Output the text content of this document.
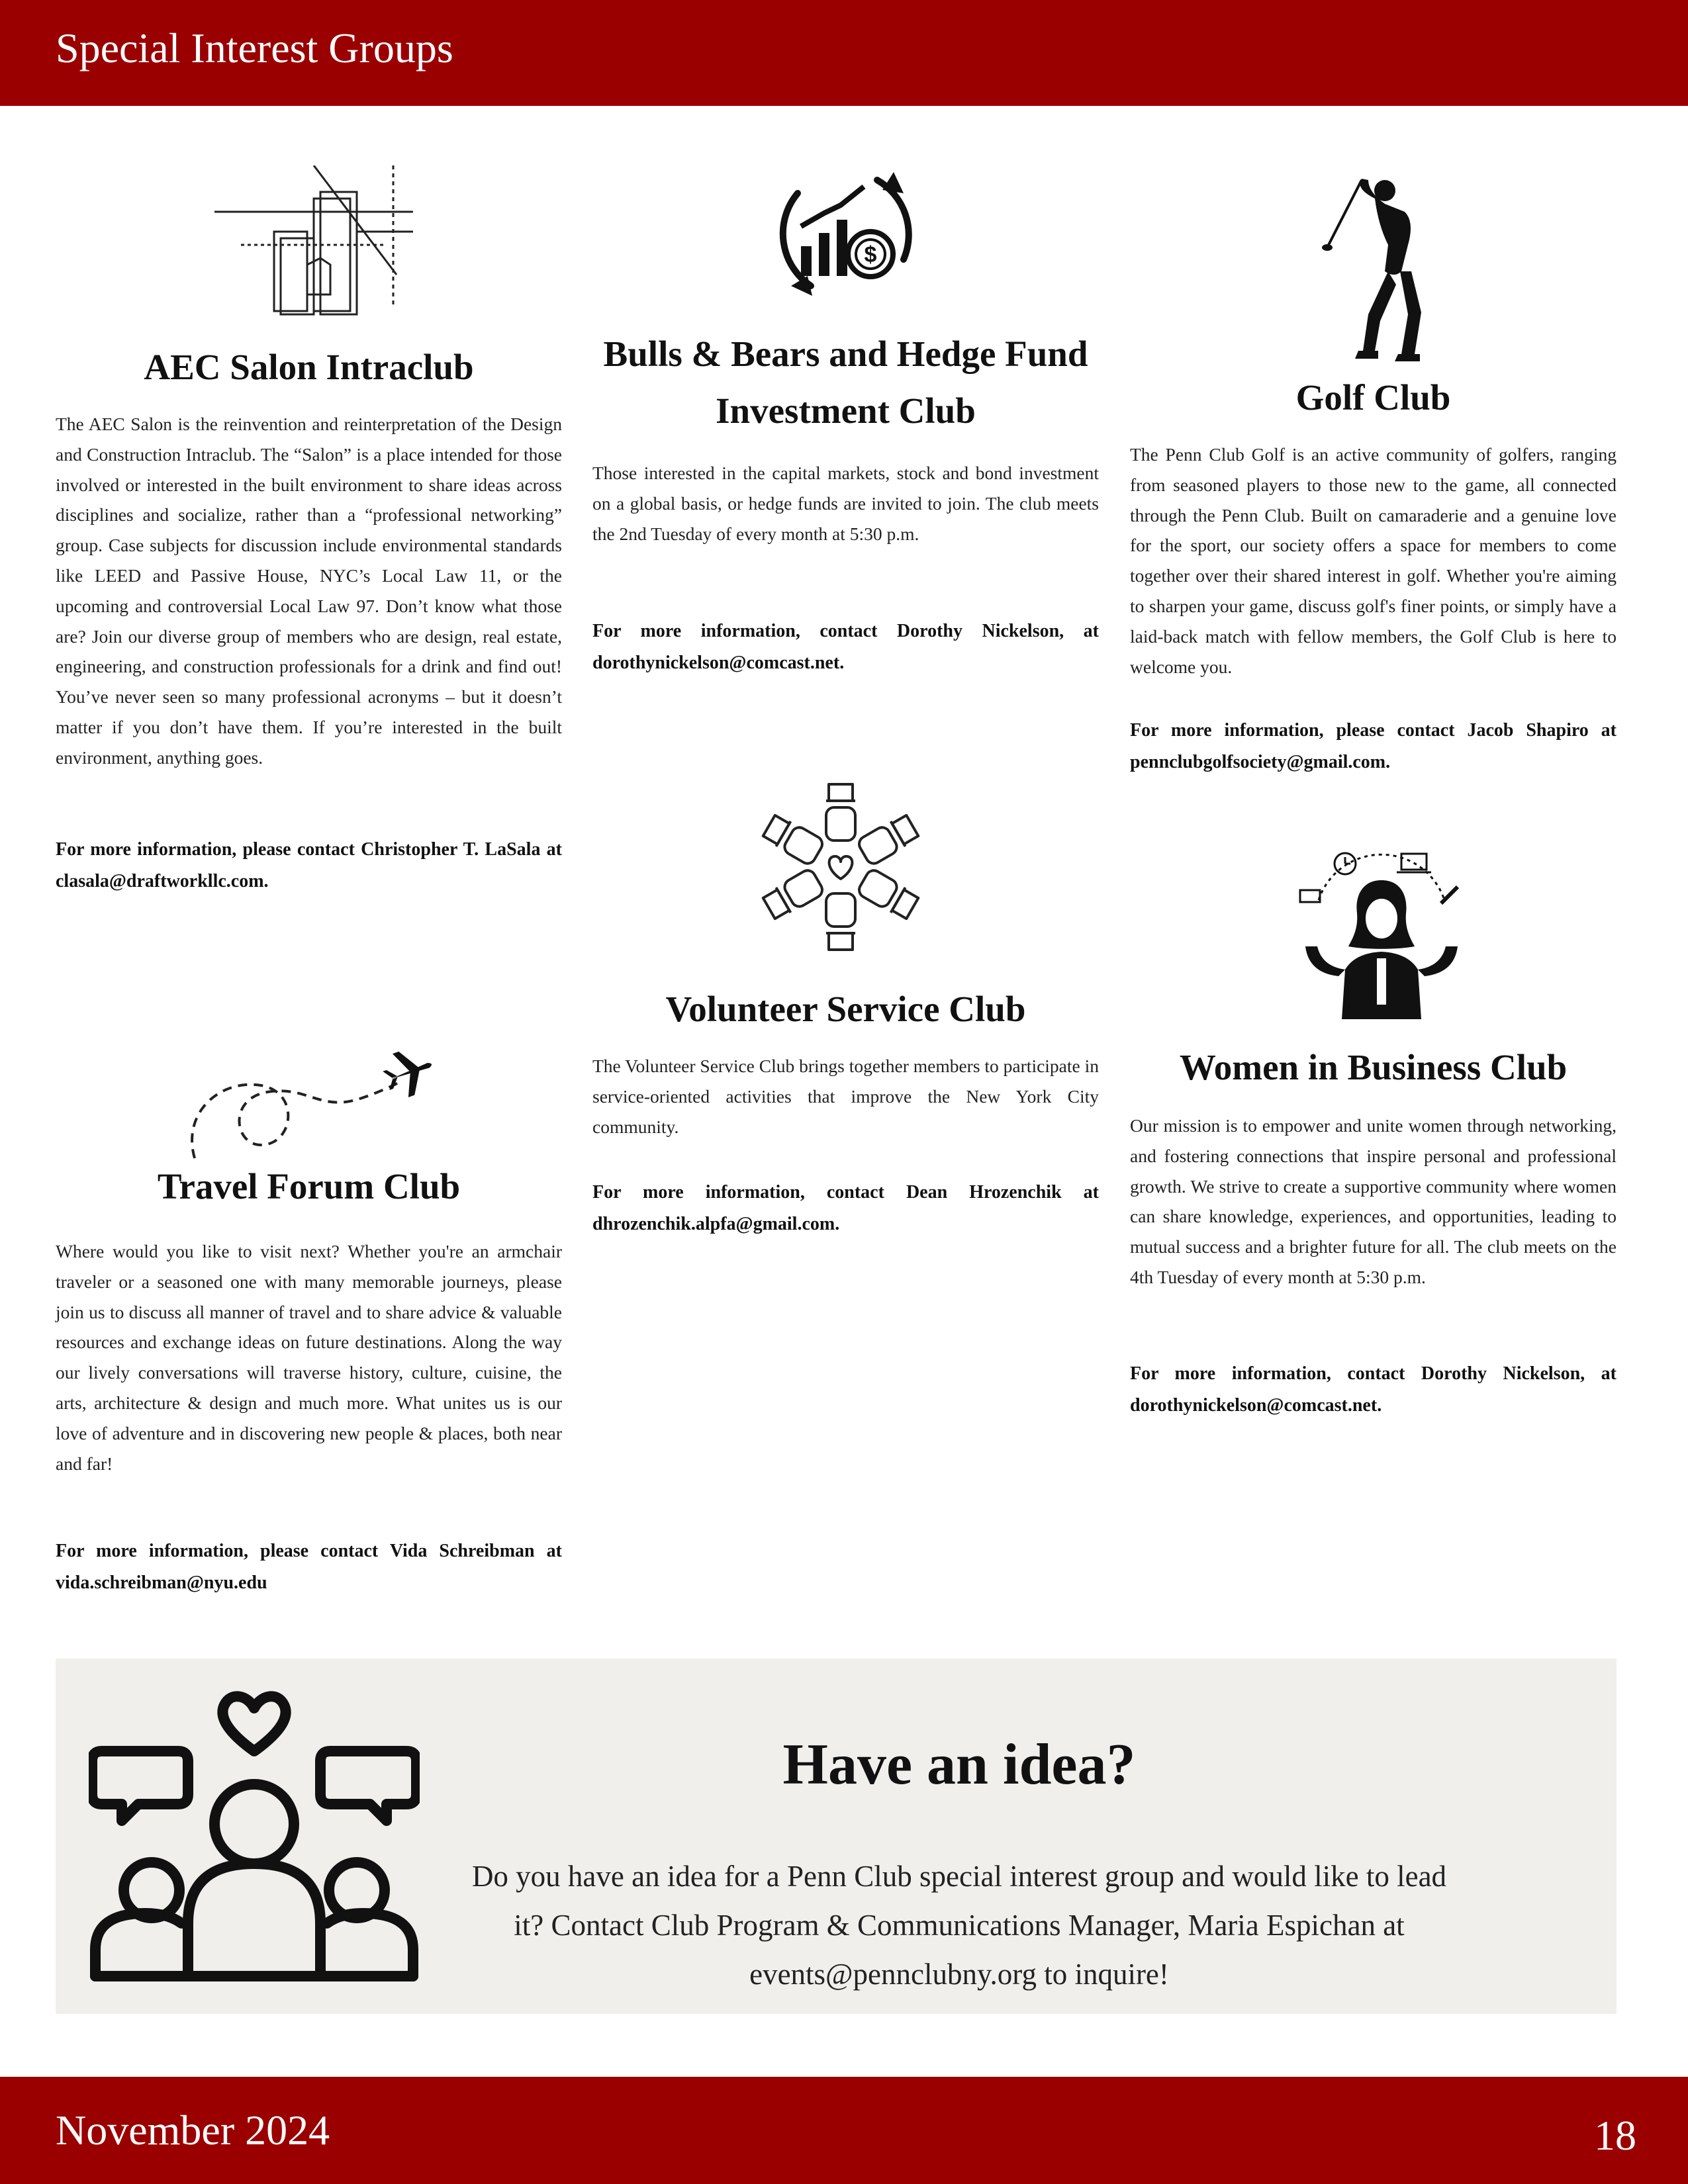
Special Interest Groups
AEC Salon Intraclub

The AEC Salon is the reinvention and reinterpretation of the Design and Construction Intraclub. The “Salon” is a place intended for those involved or interested in the built environment to share ideas across disciplines and socialize, rather than a “professional networking” group. Case subjects for discussion include environmental standards like LEED and Passive House, NYC’s Local Law 11, or the upcoming and controversial Local Law 97. Don’t know what those are? Join our diverse group of members who are design, real estate, engineering, and construction professionals for a drink and find out! You’ve never seen so many professional acronyms – but it doesn’t matter if you don’t have them. If you’re interested in the built environment, anything goes.

For more information, please contact Christopher T. LaSala at clasala@draftworkllc.com.

$
Bulls & Bears and Hedge Fund Investment Club

Those interested in the capital markets, stock and bond investment on a global basis, or hedge funds are invited to join. The club meets the 2nd Tuesday of every month at 5:30 p.m.

For more information, contact Dorothy Nickelson, at dorothynickelson@comcast.net.

Golf Club

The Penn Club Golf is an active community of golfers, ranging from seasoned players to those new to the game, all connected through the Penn Club. Built on camaraderie and a genuine love for the sport, our society offers a space for members to come together over their shared interest in golf. Whether you're aiming to sharpen your game, discuss golf's finer points, or simply have a laid-back match with fellow members, the Golf Club is here to welcome you.

For more information, please contact Jacob Shapiro at pennclubgolfsociety@gmail.com.

Travel Forum Club

Where would you like to visit next? Whether you're an armchair traveler or a seasoned one with many memorable journeys, please join us to discuss all manner of travel and to share advice & valuable resources and exchange ideas on future destinations. Along the way our lively conversations will traverse history, culture, cuisine, the arts, architecture & design and much more. What unites us is our love of adventure and in discovering new people & places, both near and far!

For more information, please contact Vida Schreibman at vida.schreibman@nyu.edu

Volunteer Service Club

The Volunteer Service Club brings together members to participate in service-oriented activities that improve the New York City community.

For more information, contact Dean Hrozenchik at dhrozenchik.alpfa@gmail.com.

Women in Business Club

Our mission is to empower and unite women through networking, and fostering connections that inspire personal and professional growth. We strive to create a supportive community where women can share knowledge, experiences, and opportunities, leading to mutual success and a brighter future for all. The club meets on the 4th Tuesday of every month at 5:30 p.m.

For more information, contact Dorothy Nickelson, at dorothynickelson@comcast.net.

Have an idea?

Do you have an idea for a Penn Club special interest group and would like to lead it? Contact Club Program & Communications Manager, Maria Espichan at events@pennclubny.org to inquire!

November 2024	18
